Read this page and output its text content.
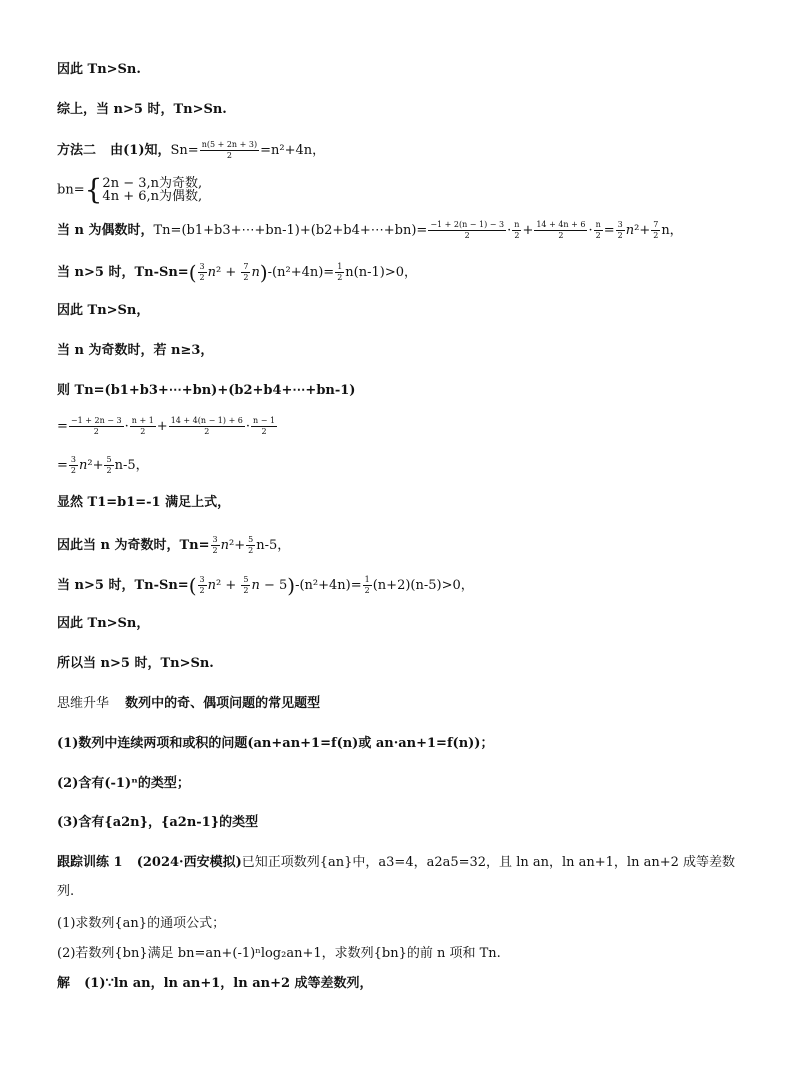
因此 Tn>Sn.
综上，当 n>5 时，Tn>Sn.
方法二 由(1)知，$Sn= \frac{n(5 + 2n + 3)}{2} =n^2+4n$，
bn={ 2n − 3,n为奇数,
4n + 6,n为偶数,
当 n 为偶数时，Tn=(b1+b3+⋯+bn-1)+(b2+b4+⋯+bn)= $\frac{-1 + 2(n - 1) - 3}{2} \cdot \frac{n}{2} + \frac{14 + 4n + 6}{2} \cdot \frac{n}{2} = \frac{3}{2} n^2+ \frac{7}{2}$ n，
当 n>5 时，$Tn-Sn=( \frac{3}{2} n^2 + \frac{7}{2} n)-(n^2+4n)= \frac{1}{2} n(n-1)>0$，
因此 Tn>Sn，
当 n 为奇数时，若 n≥3，
则 Tn=(b1+b3+⋯+bn)+(b2+b4+⋯+bn-1)
= $\frac{-1 + 2n - 3}{2} \cdot \frac{n + 1}{2} + \frac{14 + 4(n - 1) + 6}{2} \cdot \frac{n - 1}{2}$
= $\frac{3}{2} n^2+ \frac{5}{2} n-5$，
显然 T1=b1=-1 满足上式，
因此当 n 为奇数时，$Tn= \frac{3}{2} n^2+ \frac{5}{2} n-5$，
当 n>5 时，$Tn-Sn=( \frac{3}{2} n^2 + \frac{5}{2}$ $n - 5)-(n^2+4n)= \frac{1}{2} (n+2)(n-5)>0$，
因此 Tn>Sn，
所以当 n>5 时，Tn>Sn.
思维升华 数列中的奇、偶项问题的常见题型
(1)数列中连续两项和或积的问题(an+an+1=f(n)或 an·an+1=f(n))；
(2)含有(-1)ⁿ的类型；
(3)含有{a2n}，{a2n-1}的类型
跟踪训练 1 (2024·西安模拟)已知正项数列{an}中，a3=4，a2a5=32，且 ln an，ln an+1，ln an+2 成等差数
列.
(1)求数列{an}的通项公式；
(2)若数列{bn}满足 bn=an+(-1)ⁿlog₂an+1，求数列{bn}的前 n 项和 Tn.
解 (1)∵ln an，ln an+1，ln an+2 成等差数列，
